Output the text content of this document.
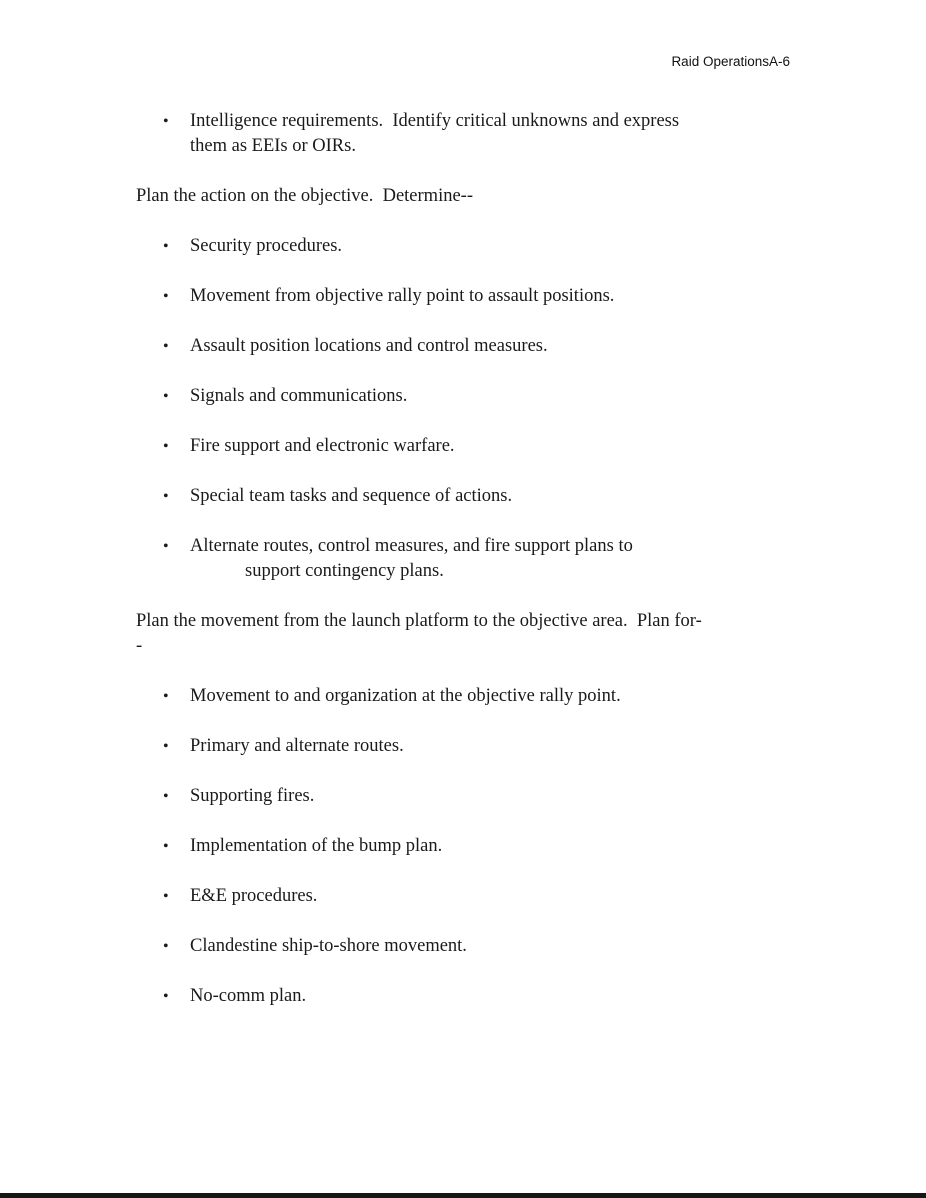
Raid OperationsA-6
•	Intelligence requirements.  Identify critical unknowns and express
them as EEIs or OIRs.
Plan the action on the objective.  Determine--
•	Security procedures.
•	Movement from objective rally point to assault positions.
•	Assault position locations and control measures.
•	Signals and communications.
•	Fire support and electronic warfare.
•	Special team tasks and sequence of actions.
•	Alternate routes, control measures, and fire support plans to
support contingency plans.
Plan the movement from the launch platform to the objective area.  Plan for-
-
•	Movement to and organization at the objective rally point.
•	Primary and alternate routes.
•	Supporting fires.
•	Implementation of the bump plan.
•	E&E procedures.
•	Clandestine ship-to-shore movement.
•	No-comm plan.
